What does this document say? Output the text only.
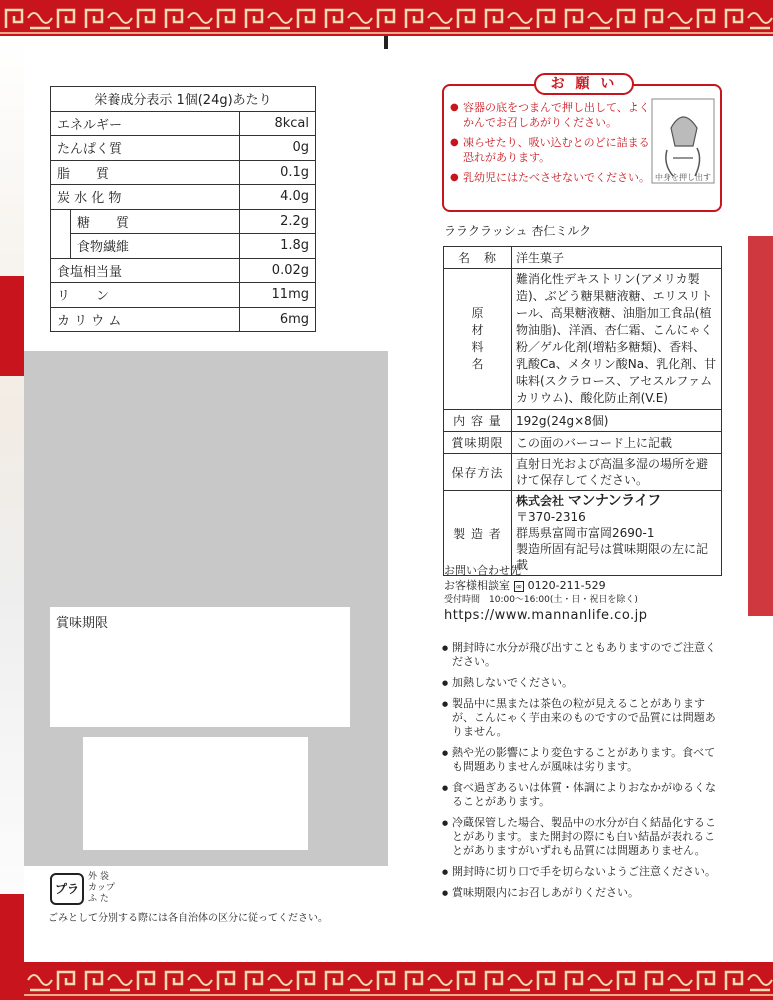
栄養成分表示 1個(24g)あたり		
エネルギー		8kcal
たんぱく質		0g
脂　　質		0.1g
炭 水 化 物		4.0g
	糖　　質	2.2g
	食物繊維	1.8g
食塩相当量		0.02g
リ　　ン		11mg
カ リ ウ ム		6mg
賞味期限
プラ
外 袋
カップ
ふ た
ごみとして分別する際には各自治体の区分に従ってください。
お 願 い
● 容器の底をつまんで押し出して、よくかんでお召しあがりください。
● 凍らせたり、吸い込むとのどに詰まる恐れがあります。
● 乳幼児にはたべさせないでください。 中身を押し出す
ララクラッシュ 杏仁ミルク
名　称	洋生菓子

原
材
料
名	難消化性デキストリン(アメリカ製造)、ぶどう糖果糖液糖、エリスリトール、高果糖液糖、油脂加工食品(植物油脂)、洋酒、杏仁霜、こんにゃく粉／ゲル化剤(増粘多糖類)、香料、乳酸Ca、メタリン酸Na、乳化剤、甘味料(スクラロース、アセスルファムカリウム)、酸化防止剤(V.E)
内 容 量	192g(24g×8個)
賞味期限	この面のバーコード上に記載
保存方法	直射日光および高温多湿の場所を避けて保存してください。
製 造 者	株式会社 マンナンライフ
〒370-2316
群馬県富岡市富岡2690-1
製造所固有記号は賞味期限の左に記載
お問い合わせ先
お客様相談室 ∞ 0120-211-529
受付時間　10:00～16:00(土・日・祝日を除く)
https://www.mannanlife.co.jp
● 開封時に水分が飛び出すこともありますのでご注意ください。
● 加熱しないでください。
● 製品中に黒または茶色の粒が見えることがありますが、こんにゃく芋由来のものですので品質には問題ありません。
● 熱や光の影響により変色することがあります。食べても問題ありませんが風味は劣ります。
● 食べ過ぎあるいは体質・体調によりおなかがゆるくなることがあります。
● 冷蔵保管した場合、製品中の水分が白く結晶化することがあります。また開封の際にも白い結晶が表れることがありますがいずれも品質には問題ありません。
● 開封時に切り口で手を切らないようご注意ください。
● 賞味期限内にお召しあがりください。
